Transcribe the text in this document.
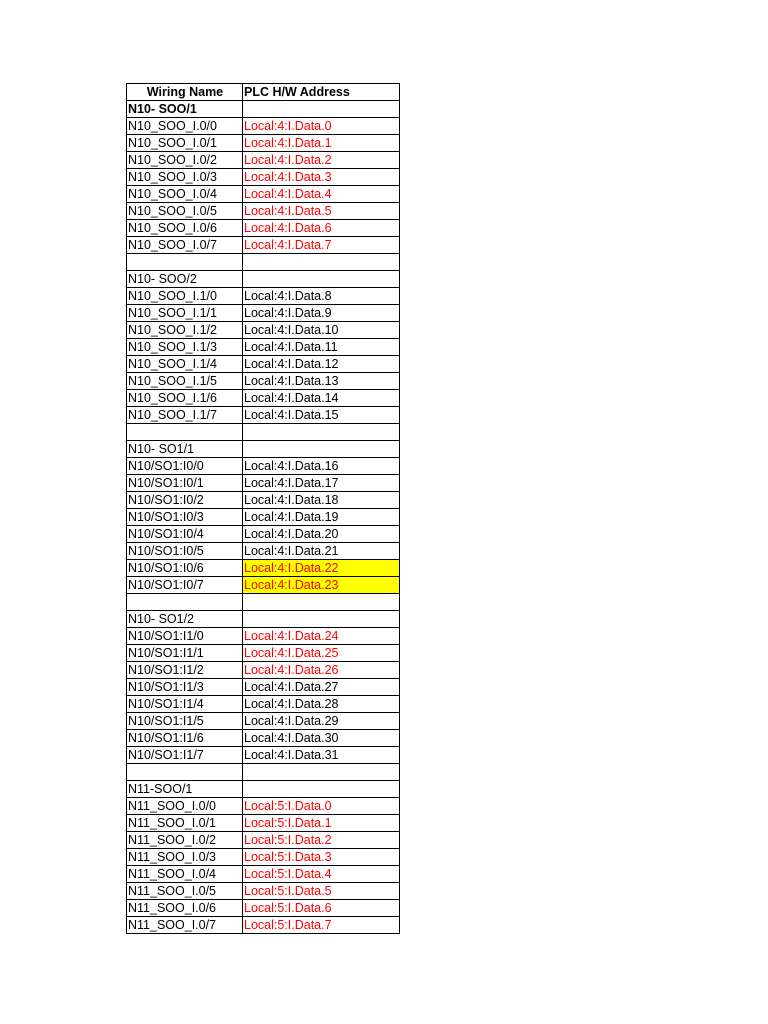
Wiring Name	PLC H/W Address
N10- SOO/1	
N10_SOO_I.0/0	Local:4:I.Data.0
N10_SOO_I.0/1	Local:4:I.Data.1
N10_SOO_I.0/2	Local:4:I.Data.2
N10_SOO_I.0/3	Local:4:I.Data.3
N10_SOO_I.0/4	Local:4:I.Data.4
N10_SOO_I.0/5	Local:4:I.Data.5
N10_SOO_I.0/6	Local:4:I.Data.6
N10_SOO_I.0/7	Local:4:I.Data.7

N10- SOO/2	
N10_SOO_I.1/0	Local:4:I.Data.8
N10_SOO_I.1/1	Local:4:I.Data.9
N10_SOO_I.1/2	Local:4:I.Data.10
N10_SOO_I.1/3	Local:4:I.Data.11
N10_SOO_I.1/4	Local:4:I.Data.12
N10_SOO_I.1/5	Local:4:I.Data.13
N10_SOO_I.1/6	Local:4:I.Data.14
N10_SOO_I.1/7	Local:4:I.Data.15

N10- SO1/1	
N10/SO1:I0/0	Local:4:I.Data.16
N10/SO1:I0/1	Local:4:I.Data.17
N10/SO1:I0/2	Local:4:I.Data.18
N10/SO1:I0/3	Local:4:I.Data.19
N10/SO1:I0/4	Local:4:I.Data.20
N10/SO1:I0/5	Local:4:I.Data.21
N10/SO1:I0/6	Local:4:I.Data.22
N10/SO1:I0/7	Local:4:I.Data.23

N10- SO1/2	
N10/SO1:I1/0	Local:4:I.Data.24
N10/SO1:I1/1	Local:4:I.Data.25
N10/SO1:I1/2	Local:4:I.Data.26
N10/SO1:I1/3	Local:4:I.Data.27
N10/SO1:I1/4	Local:4:I.Data.28
N10/SO1:I1/5	Local:4:I.Data.29
N10/SO1:I1/6	Local:4:I.Data.30
N10/SO1:I1/7	Local:4:I.Data.31

N11-SOO/1	
N11_SOO_I.0/0	Local:5:I.Data.0
N11_SOO_I.0/1	Local:5:I.Data.1
N11_SOO_I.0/2	Local:5:I.Data.2
N11_SOO_I.0/3	Local:5:I.Data.3
N11_SOO_I.0/4	Local:5:I.Data.4
N11_SOO_I.0/5	Local:5:I.Data.5
N11_SOO_I.0/6	Local:5:I.Data.6
N11_SOO_I.0/7	Local:5:I.Data.7
